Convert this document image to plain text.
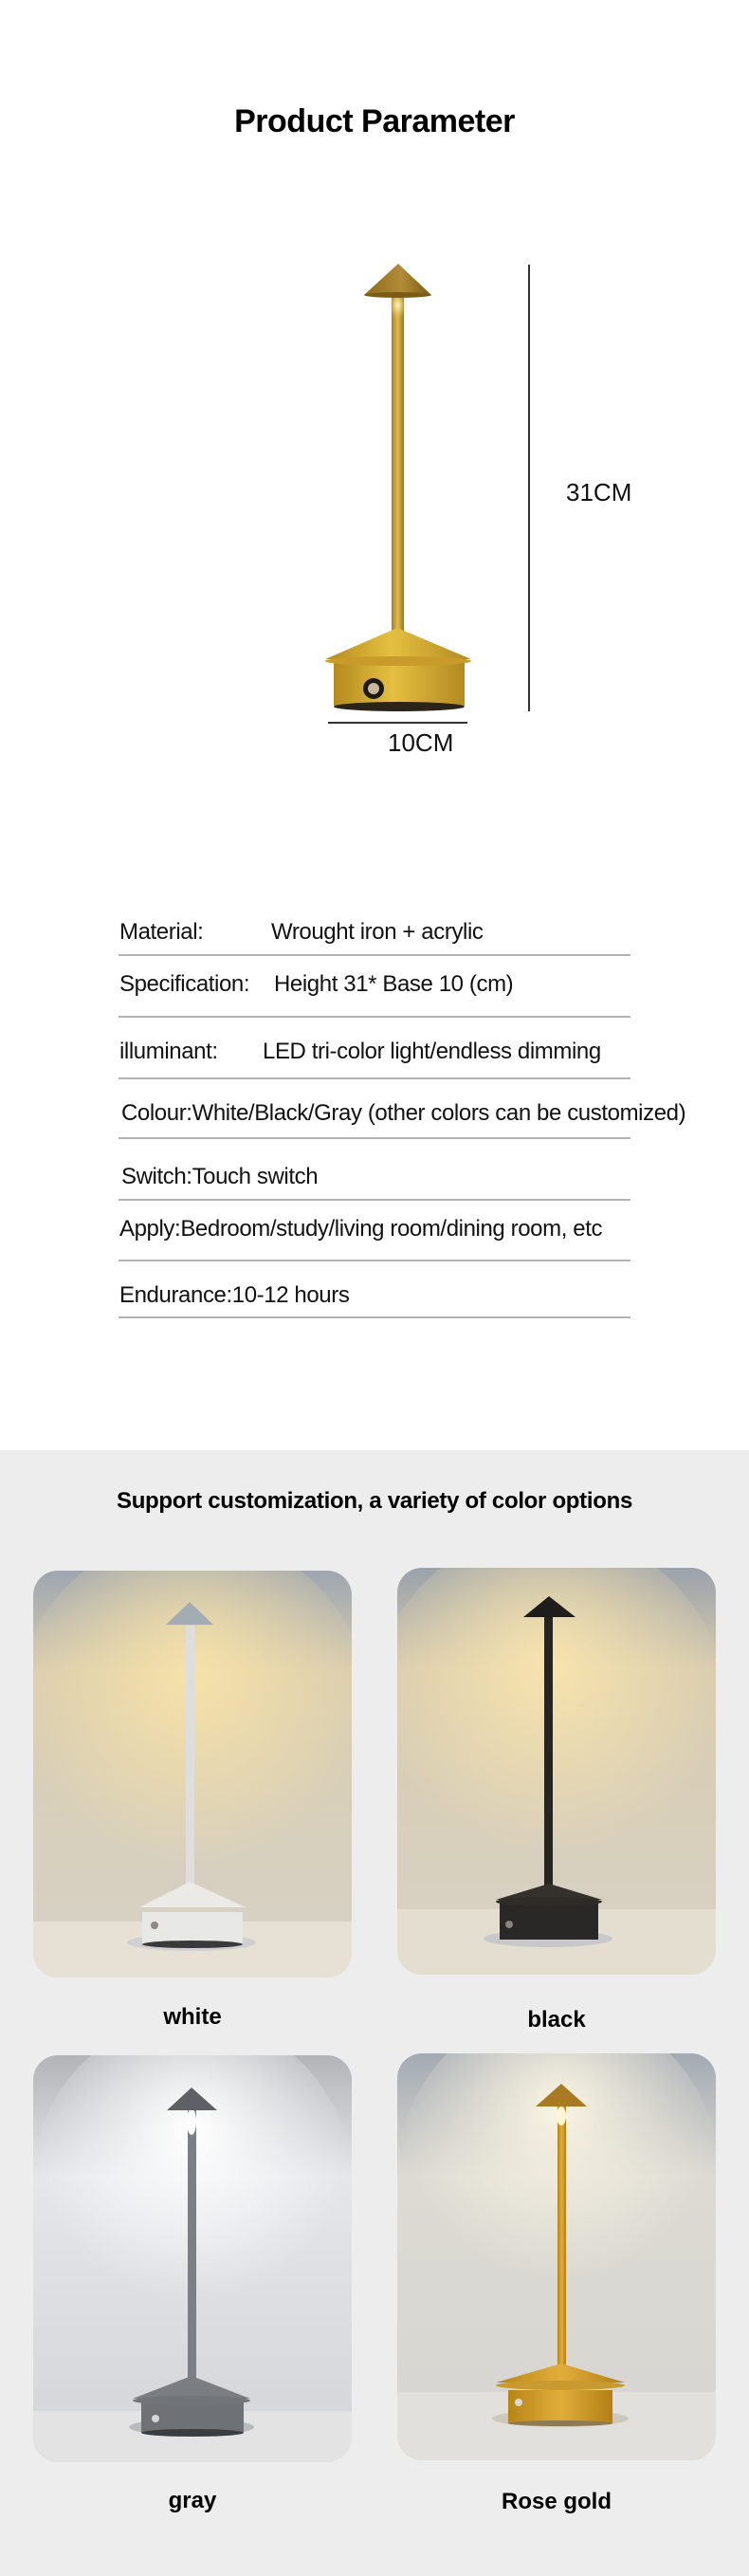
Product Parameter
31CM
10CM
Material:	Wrought iron + acrylic
Specification: Height 31* Base 10 (cm)
illuminant: LED tri-color light/endless dimming
Colour:White/Black/Gray (other colors can be customized)
Switch:Touch switch
Apply:Bedroom/study/living room/dining room, etc
Endurance:10-12 hours
Support customization, a variety of color options
white	black
gray	Rose gold
